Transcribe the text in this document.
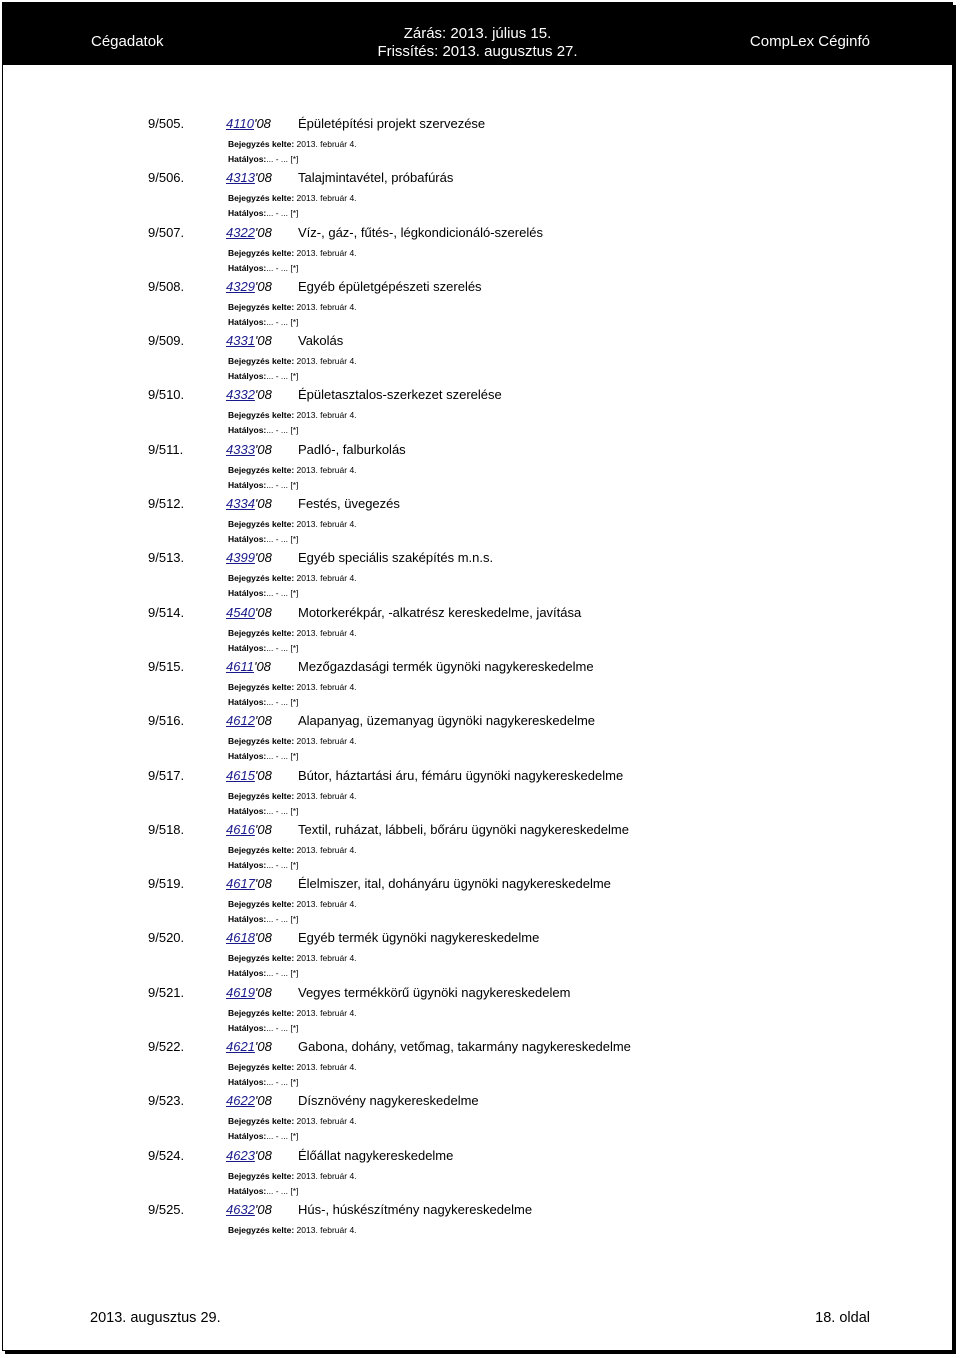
Cégadatok	Zárás: 2013. július 15.
Frissítés: 2013. augusztus 27.
CompLex Céginfó
9/505.	4110'08 Épületépítési projekt szervezése
Bejegyzés kelte: 2013. február 4.
Hatályos:... - ... [*]
9/506.	4313'08 Talajmintavétel, próbafúrás
Bejegyzés kelte: 2013. február 4.
Hatályos:... - ... [*]
9/507.	4322'08 Víz-, gáz-, fűtés-, légkondicionáló-szerelés
Bejegyzés kelte: 2013. február 4.
Hatályos:... - ... [*]
9/508.	4329'08 Egyéb épületgépészeti szerelés
Bejegyzés kelte: 2013. február 4.
Hatályos:... - ... [*]
9/509.	4331'08 Vakolás
Bejegyzés kelte: 2013. február 4.
Hatályos:... - ... [*]
9/510.	4332'08 Épületasztalos-szerkezet szerelése
Bejegyzés kelte: 2013. február 4.
Hatályos:... - ... [*]
9/511.	4333'08 Padló-, falburkolás
Bejegyzés kelte: 2013. február 4.
Hatályos:... - ... [*]
9/512.	4334'08 Festés, üvegezés
Bejegyzés kelte: 2013. február 4.
Hatályos:... - ... [*]
9/513.	4399'08 Egyéb speciális szaképítés m.n.s.
Bejegyzés kelte: 2013. február 4.
Hatályos:... - ... [*]
9/514.	4540'08 Motorkerékpár, -alkatrész kereskedelme, javítása
Bejegyzés kelte: 2013. február 4.
Hatályos:... - ... [*]
9/515.	4611'08 Mezőgazdasági termék ügynöki nagykereskedelme
Bejegyzés kelte: 2013. február 4.
Hatályos:... - ... [*]
9/516.	4612'08 Alapanyag, üzemanyag ügynöki nagykereskedelme
Bejegyzés kelte: 2013. február 4.
Hatályos:... - ... [*]
9/517.	4615'08 Bútor, háztartási áru, fémáru ügynöki nagykereskedelme
Bejegyzés kelte: 2013. február 4.
Hatályos:... - ... [*]
9/518.	4616'08 Textil, ruházat, lábbeli, bőráru ügynöki nagykereskedelme
Bejegyzés kelte: 2013. február 4.
Hatályos:... - ... [*]
9/519.	4617'08 Élelmiszer, ital, dohányáru ügynöki nagykereskedelme
Bejegyzés kelte: 2013. február 4.
Hatályos:... - ... [*]
9/520.	4618'08 Egyéb termék ügynöki nagykereskedelme
Bejegyzés kelte: 2013. február 4.
Hatályos:... - ... [*]
9/521.	4619'08 Vegyes termékkörű ügynöki nagykereskedelem
Bejegyzés kelte: 2013. február 4.
Hatályos:... - ... [*]
9/522.	4621'08 Gabona, dohány, vetőmag, takarmány nagykereskedelme
Bejegyzés kelte: 2013. február 4.
Hatályos:... - ... [*]
9/523.	4622'08 Dísznövény nagykereskedelme
Bejegyzés kelte: 2013. február 4.
Hatályos:... - ... [*]
9/524.	4623'08 Élőállat nagykereskedelme
Bejegyzés kelte: 2013. február 4.
Hatályos:... - ... [*]
9/525.	4632'08 Hús-, húskészítmény nagykereskedelme
Bejegyzés kelte: 2013. február 4.
2013. augusztus 29.	18. oldal
